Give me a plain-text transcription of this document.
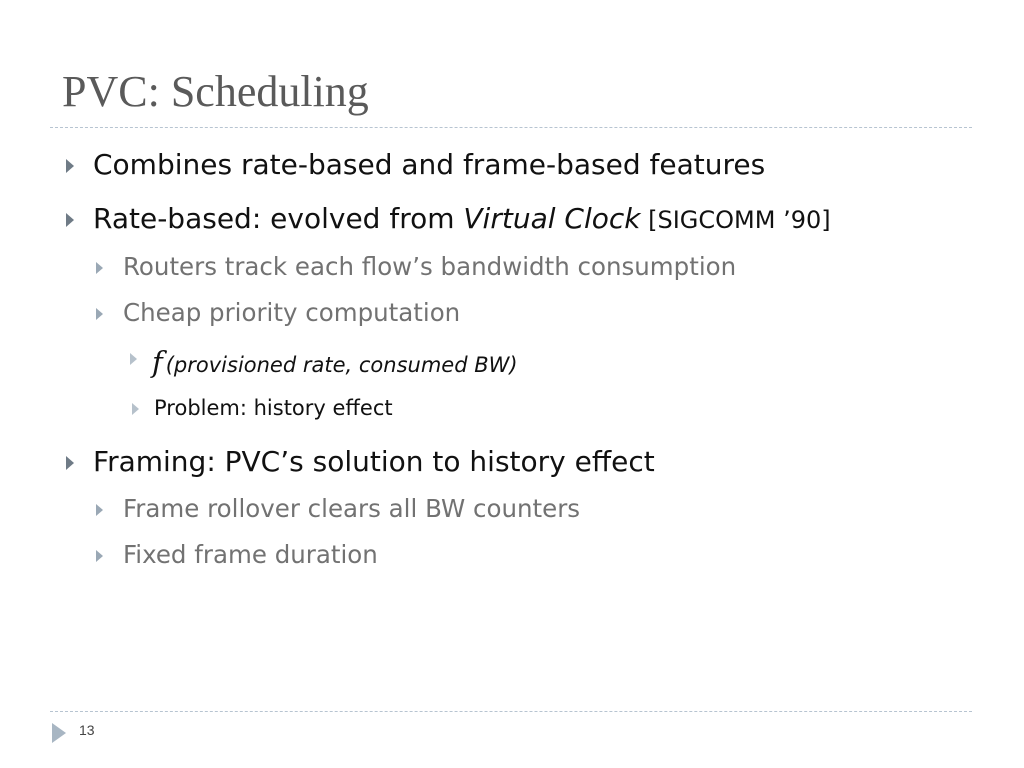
PVC: Scheduling
Combines rate-based and frame-based features
Rate-based: evolved from Virtual Clock [SIGCOMM ’90]
Routers track each flow’s bandwidth consumption
Cheap priority computation
f (provisioned rate, consumed BW)
Problem: history effect
Framing: PVC’s solution to history effect
Frame rollover clears all BW counters
Fixed frame duration
13
